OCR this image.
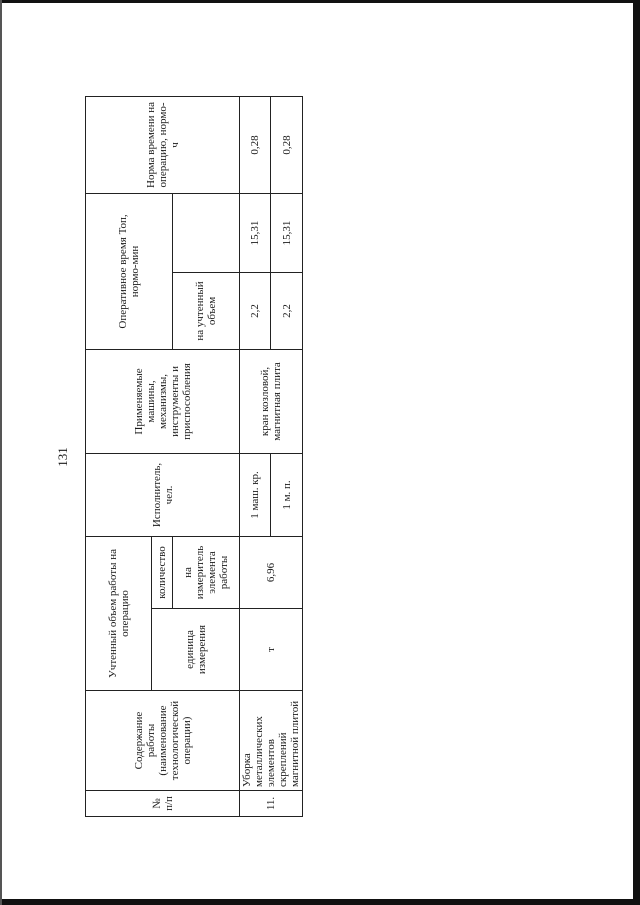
131
№ п/п	Содержание работы (наименование технологической операции)	Учтенный объем работы на операцию		Исполнитель, чел.	Применяемые машины, механизмы, инструменты и приспособления	Оперативное время Топ, нормо-мин		Норма времени на операцию, нормо-ч
		единица измерения	количество					

			на измеритель элемента работы			на учтенный объем		
11.	Уборка металлических элементов скреплений магнитной плитой	т	6,96	1 маш. кр.	кран козловой, магнитная плита	2,2	15,31	0,28
				1 м. п.		2,2	15,31	0,28
